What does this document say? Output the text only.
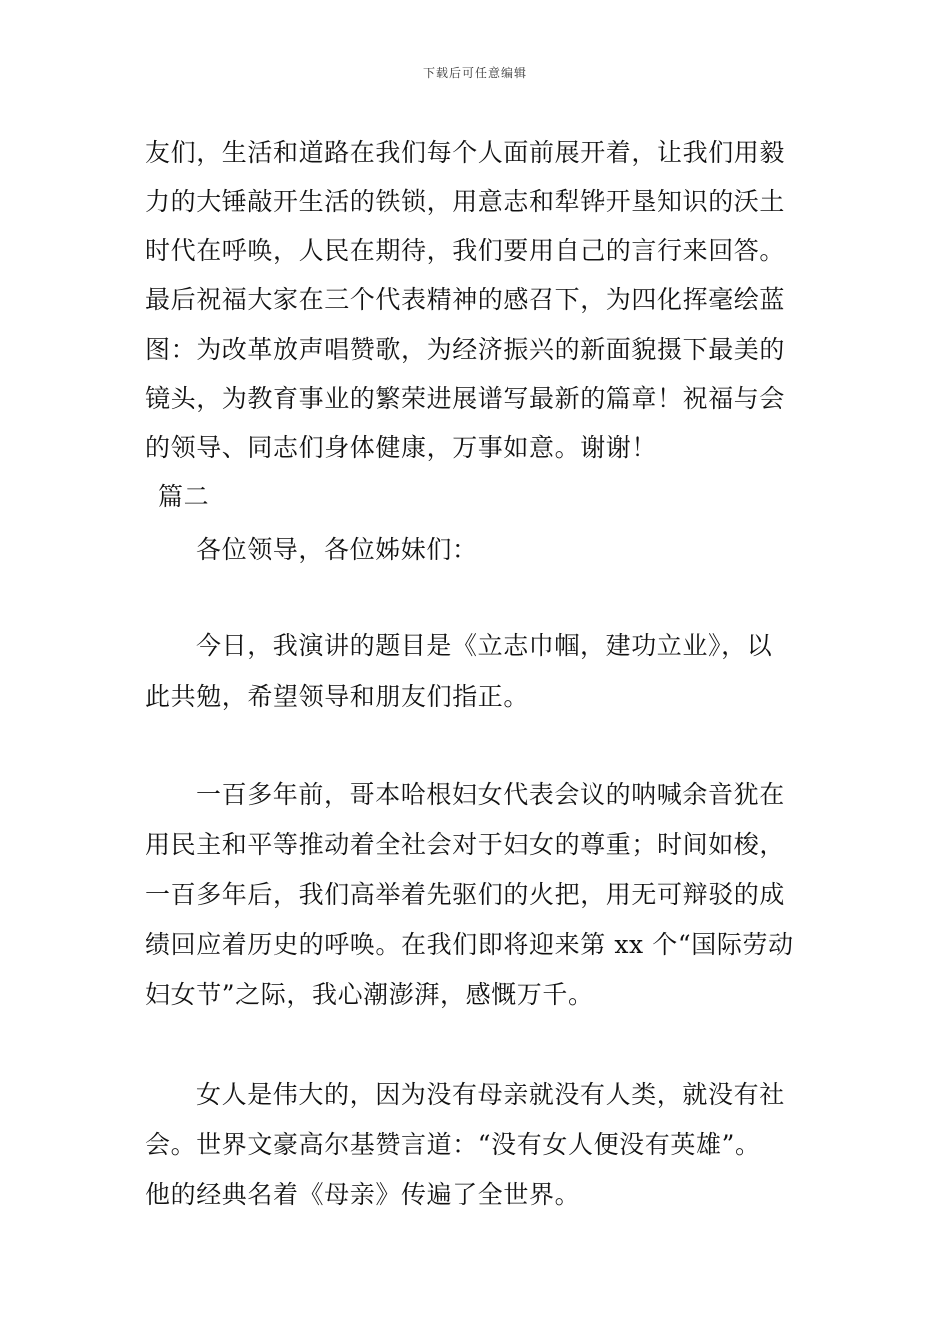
下载后可任意编辑
友们，生活和道路在我们每个人面前展开着，让我们用毅
力的大锤敲开生活的铁锁，用意志和犁铧开垦知识的沃土
时代在呼唤，人民在期待，我们要用自己的言行来回答。
最后祝福大家在三个代表精神的感召下，为四化挥毫绘蓝
图：为改革放声唱赞歌，为经济振兴的新面貌摄下最美的
镜头，为教育事业的繁荣进展谱写最新的篇章！祝福与会
的领导、同志们身体健康，万事如意。谢谢！
篇二
各位领导，各位姊妹们：
今日，我演讲的题目是《立志巾帼，建功立业》，以
此共勉，希望领导和朋友们指正。
一百多年前，哥本哈根妇女代表会议的呐喊余音犹在
用民主和平等推动着全社会对于妇女的尊重；时间如梭，
一百多年后，我们高举着先驱们的火把，用无可辩驳的成
绩回应着历史的呼唤。在我们即将迎来第 xx 个“国际劳动
妇女节”之际，我心潮澎湃，感慨万千。
女人是伟大的，因为没有母亲就没有人类，就没有社
会。世界文豪高尔基赞言道：“没有女人便没有英雄”。
他的经典名着《母亲》传遍了全世界。
